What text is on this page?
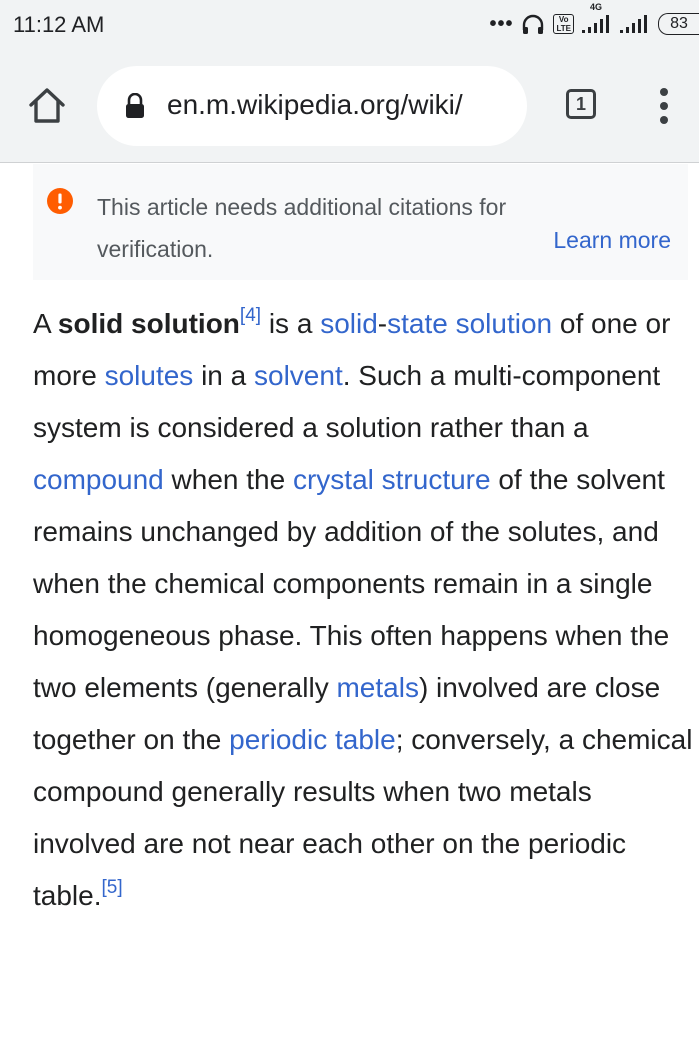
11:12 AM
4G
•••	Vo
LTE	83
en.m.wikipedia.org/wiki/	1
This article needs additional citations for verification.	Learn more

A solid solution[4] is a solid-state solution of one or more solutes in a solvent. Such a multi-component system is considered a solution rather than a compound when the crystal structure of the solvent remains unchanged by addition of the solutes, and when the chemical components remain in a single homogeneous phase. This often happens when the two elements (generally metals) involved are close together on the periodic table; conversely, a chemical compound generally results when two metals involved are not near each other on the periodic table.[5]
